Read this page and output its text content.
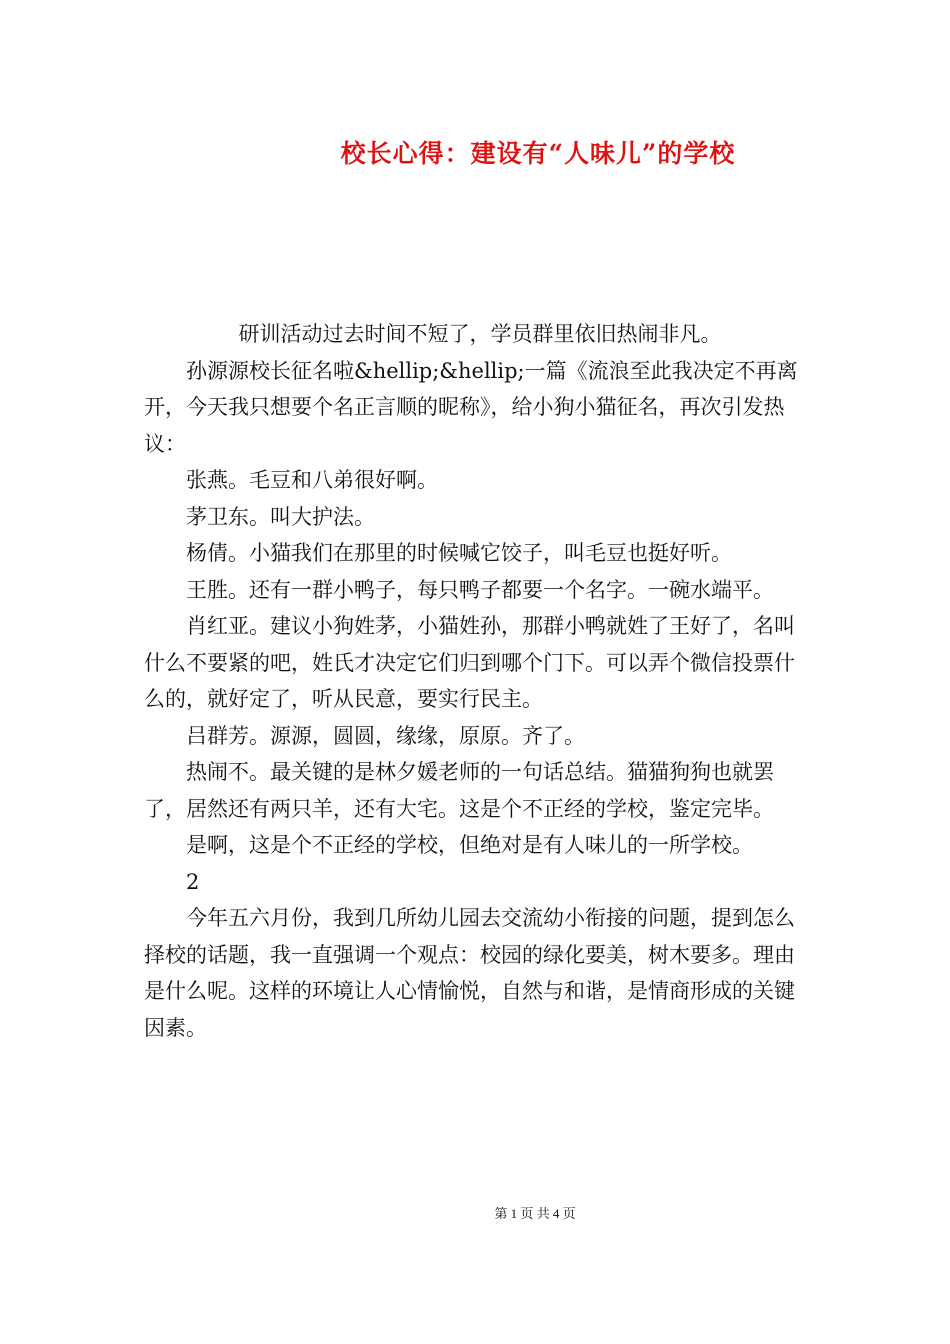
校长心得：建设有“人味儿”的学校

研训活动过去时间不短了，学员群里依旧热闹非凡。

孙源源校长征名啦&hellip;&hellip;一篇《流浪至此我决定不再离开，今天我只想要个名正言顺的昵称》，给小狗小猫征名，再次引发热议：

张燕。毛豆和八弟很好啊。

茅卫东。叫大护法。

杨倩。小猫我们在那里的时候喊它饺子，叫毛豆也挺好听。

王胜。还有一群小鸭子，每只鸭子都要一个名字。一碗水端平。

肖红亚。建议小狗姓茅，小猫姓孙，那群小鸭就姓了王好了，名叫什么不要紧的吧，姓氏才决定它们归到哪个门下。可以弄个微信投票什么的，就好定了，听从民意，要实行民主。

吕群芳。源源，圆圆，缘缘，原原。齐了。

热闹不。最关键的是林夕媛老师的一句话总结。猫猫狗狗也就罢了，居然还有两只羊，还有大宅。这是个不正经的学校，鉴定完毕。

是啊，这是个不正经的学校，但绝对是有人味儿的一所学校。

2

今年五六月份，我到几所幼儿园去交流幼小衔接的问题，提到怎么择校的话题，我一直强调一个观点：校园的绿化要美，树木要多。理由是什么呢。这样的环境让人心情愉悦，自然与和谐，是情商形成的关键因素。

第 1 页 共 4 页
